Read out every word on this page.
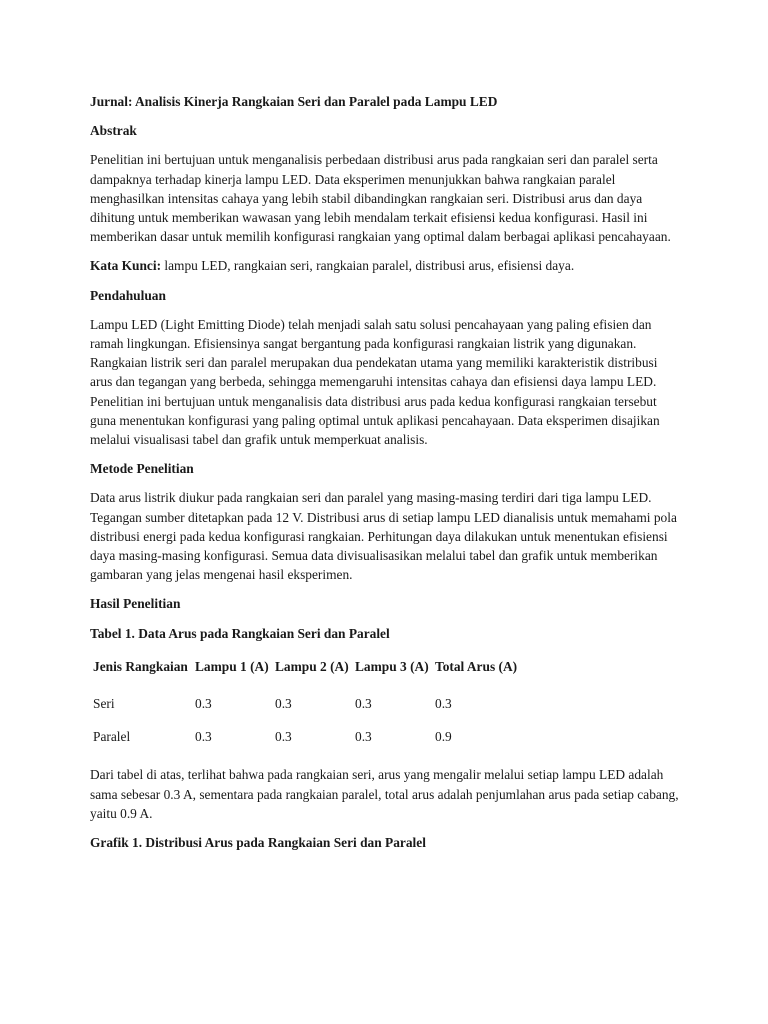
Jurnal: Analisis Kinerja Rangkaian Seri dan Paralel pada Lampu LED
Abstrak

Penelitian ini bertujuan untuk menganalisis perbedaan distribusi arus pada rangkaian seri dan paralel serta dampaknya terhadap kinerja lampu LED. Data eksperimen menunjukkan bahwa rangkaian paralel menghasilkan intensitas cahaya yang lebih stabil dibandingkan rangkaian seri. Distribusi arus dan daya dihitung untuk memberikan wawasan yang lebih mendalam terkait efisiensi kedua konfigurasi. Hasil ini memberikan dasar untuk memilih konfigurasi rangkaian yang optimal dalam berbagai aplikasi pencahayaan.

Kata Kunci: lampu LED, rangkaian seri, rangkaian paralel, distribusi arus, efisiensi daya.

Pendahuluan

Lampu LED (Light Emitting Diode) telah menjadi salah satu solusi pencahayaan yang paling efisien dan ramah lingkungan. Efisiensinya sangat bergantung pada konfigurasi rangkaian listrik yang digunakan. Rangkaian listrik seri dan paralel merupakan dua pendekatan utama yang memiliki karakteristik distribusi arus dan tegangan yang berbeda, sehingga memengaruhi intensitas cahaya dan efisiensi daya lampu LED. Penelitian ini bertujuan untuk menganalisis data distribusi arus pada kedua konfigurasi rangkaian tersebut guna menentukan konfigurasi yang paling optimal untuk aplikasi pencahayaan. Data eksperimen disajikan melalui visualisasi tabel dan grafik untuk memperkuat analisis.

Metode Penelitian

Data arus listrik diukur pada rangkaian seri dan paralel yang masing-masing terdiri dari tiga lampu LED. Tegangan sumber ditetapkan pada 12 V. Distribusi arus di setiap lampu LED dianalisis untuk memahami pola distribusi energi pada kedua konfigurasi rangkaian. Perhitungan daya dilakukan untuk menentukan efisiensi daya masing-masing konfigurasi. Semua data divisualisasikan melalui tabel dan grafik untuk memberikan gambaran yang jelas mengenai hasil eksperimen.

Hasil Penelitian
Tabel 1. Data Arus pada Rangkaian Seri dan Paralel
Jenis Rangkaian	Lampu 1 (A)	Lampu 2 (A)	Lampu 3 (A)	Total Arus (A)
Seri	0.3	0.3	0.3	0.3
Paralel	0.3	0.3	0.3	0.9

Dari tabel di atas, terlihat bahwa pada rangkaian seri, arus yang mengalir melalui setiap lampu LED adalah sama sebesar 0.3 A, sementara pada rangkaian paralel, total arus adalah penjumlahan arus pada setiap cabang, yaitu 0.9 A.

Grafik 1. Distribusi Arus pada Rangkaian Seri dan Paralel
